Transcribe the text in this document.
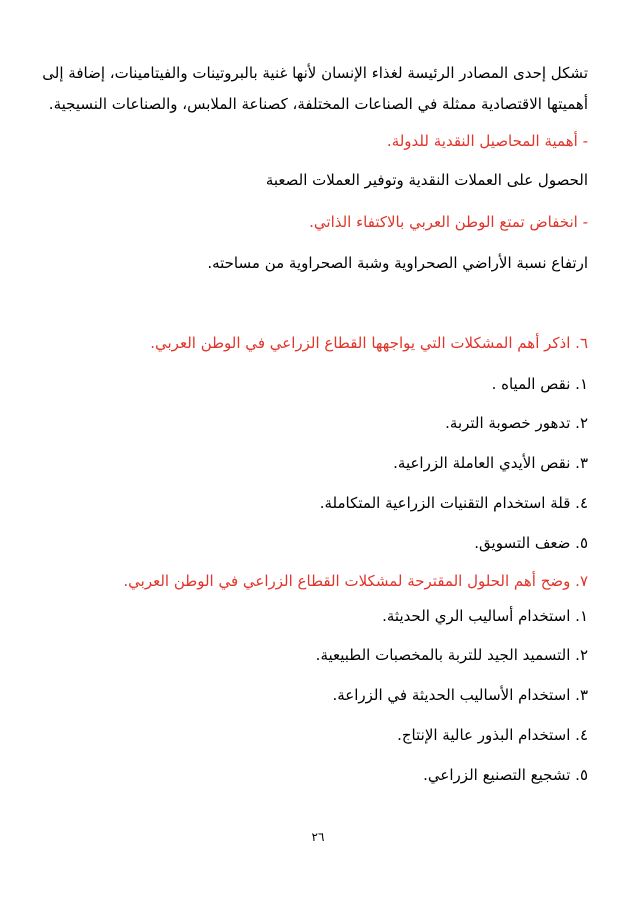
تشكل إحدى المصادر الرئيسة لغذاء الإنسان لأنها غنية بالبروتينات والفيتامينات، إضافة إلى
أهميتها الاقتصادية ممثلة في الصناعات المختلفة، كصناعة الملابس، والصناعات النسيجية.
- أهمية المحاصيل النقدية للدولة.
الحصول على العملات النقدية وتوفير العملات الصعبة
- انخفاض تمتع الوطن العربي بالاكتفاء الذاتي.
ارتفاع نسبة الأراضي الصحراوية وشبة الصحراوية من مساحته.
٦. اذكر أهم المشكلات التي يواجهها القطاع الزراعي في الوطن العربي.
١. نقص المياه .
٢. تدهور خصوبة التربة.
٣. نقص الأيدي العاملة الزراعية.
٤. قلة استخدام التقنيات الزراعية المتكاملة.
٥. ضعف التسويق.
٧. وضح أهم الحلول المقترحة لمشكلات القطاع الزراعي في الوطن العربي.
١. استخدام أساليب الري الحديثة.
٢. التسميد الجيد للتربة بالمخصبات الطبيعية.
٣. استخدام الأساليب الحديثة في الزراعة.
٤. استخدام البذور عالية الإنتاج.
٥. تشجيع التصنيع الزراعي.
٢٦
